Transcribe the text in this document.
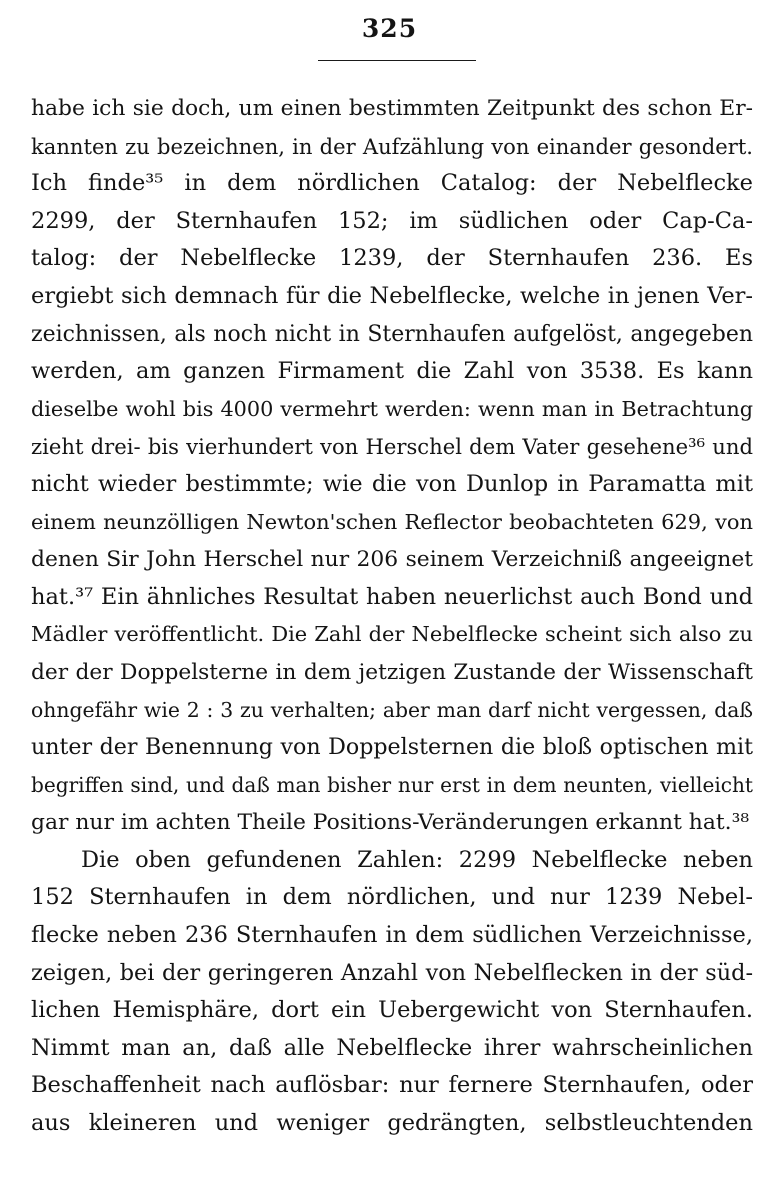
325
habe ich sie doch, um einen bestimmten Zeitpunkt des schon Er-
kannten zu bezeichnen, in der Aufzählung von einander gesondert.
Ich finde³⁵ in dem nördlichen Catalog: der Nebelflecke
2299, der Sternhaufen 152; im südlichen oder Cap-Ca-
talog: der Nebelflecke 1239, der Sternhaufen 236. Es
ergiebt sich demnach für die Nebelflecke, welche in jenen Ver-
zeichnissen, als noch nicht in Sternhaufen aufgelöst, angegeben
werden, am ganzen Firmament die Zahl von 3538. Es kann
dieselbe wohl bis 4000 vermehrt werden: wenn man in Betrachtung
zieht drei- bis vierhundert von Herschel dem Vater gesehene³⁶ und
nicht wieder bestimmte; wie die von Dunlop in Paramatta mit
einem neunzölligen Newton'schen Reflector beobachteten 629, von
denen Sir John Herschel nur 206 seinem Verzeichniß angeeignet
hat.³⁷ Ein ähnliches Resultat haben neuerlichst auch Bond und
Mädler veröffentlicht. Die Zahl der Nebelflecke scheint sich also zu
der der Doppelsterne in dem jetzigen Zustande der Wissenschaft
ohngefähr wie 2 : 3 zu verhalten; aber man darf nicht vergessen, daß
unter der Benennung von Doppelsternen die bloß optischen mit
begriffen sind, und daß man bisher nur erst in dem neunten, vielleicht
gar nur im achten Theile Positions-Veränderungen erkannt hat.³⁸
Die oben gefundenen Zahlen: 2299 Nebelflecke neben
152 Sternhaufen in dem nördlichen, und nur 1239 Nebel-
flecke neben 236 Sternhaufen in dem südlichen Verzeichnisse,
zeigen, bei der geringeren Anzahl von Nebelflecken in der süd-
lichen Hemisphäre, dort ein Uebergewicht von Sternhaufen.
Nimmt man an, daß alle Nebelflecke ihrer wahrscheinlichen
Beschaffenheit nach auflösbar: nur fernere Sternhaufen, oder
aus kleineren und weniger gedrängten, selbstleuchtenden
